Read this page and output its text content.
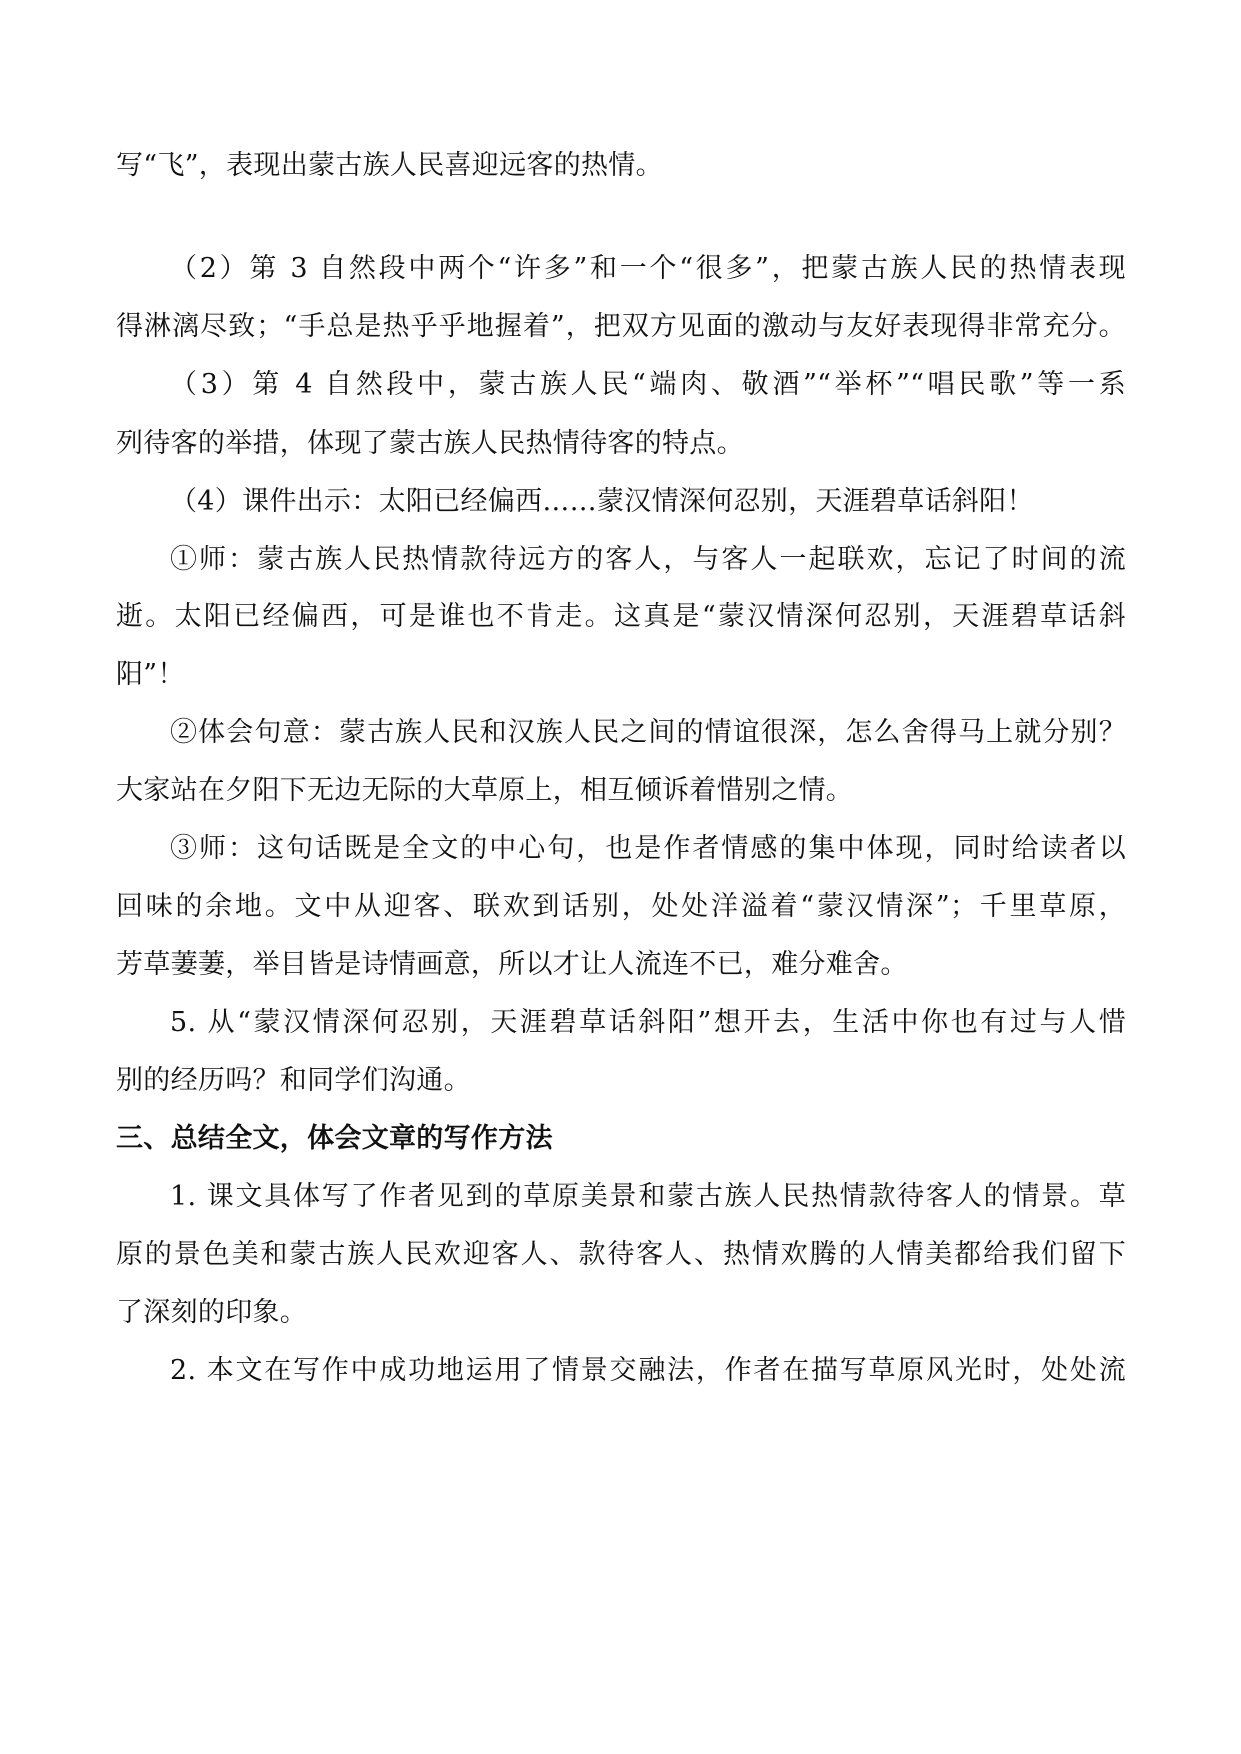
写“飞”，表现出蒙古族人民喜迎远客的热情。
（2）第 3 自然段中两个“许多”和一个“很多”，把蒙古族人民的热情表现
得淋漓尽致；“手总是热乎乎地握着”，把双方见面的激动与友好表现得非常充分。
（3）第 4 自然段中，蒙古族人民“端肉、敬酒”“举杯”“唱民歌”等一系
列待客的举措，体现了蒙古族人民热情待客的特点。
（4）课件出示：太阳已经偏西……蒙汉情深何忍别，天涯碧草话斜阳！
①师：蒙古族人民热情款待远方的客人，与客人一起联欢，忘记了时间的流
逝。太阳已经偏西，可是谁也不肯走。这真是“蒙汉情深何忍别，天涯碧草话斜
阳”！
②体会句意：蒙古族人民和汉族人民之间的情谊很深，怎么舍得马上就分别？
大家站在夕阳下无边无际的大草原上，相互倾诉着惜别之情。
③师：这句话既是全文的中心句，也是作者情感的集中体现，同时给读者以
回味的余地。文中从迎客、联欢到话别，处处洋溢着“蒙汉情深”；千里草原，
芳草萋萋，举目皆是诗情画意，所以才让人流连不已，难分难舍。
5. 从“蒙汉情深何忍别，天涯碧草话斜阳”想开去，生活中你也有过与人惜
别的经历吗？和同学们沟通。
三、总结全文，体会文章的写作方法
1. 课文具体写了作者见到的草原美景和蒙古族人民热情款待客人的情景。草
原的景色美和蒙古族人民欢迎客人、款待客人、热情欢腾的人情美都给我们留下
了深刻的印象。
2. 本文在写作中成功地运用了情景交融法，作者在描写草原风光时，处处流
